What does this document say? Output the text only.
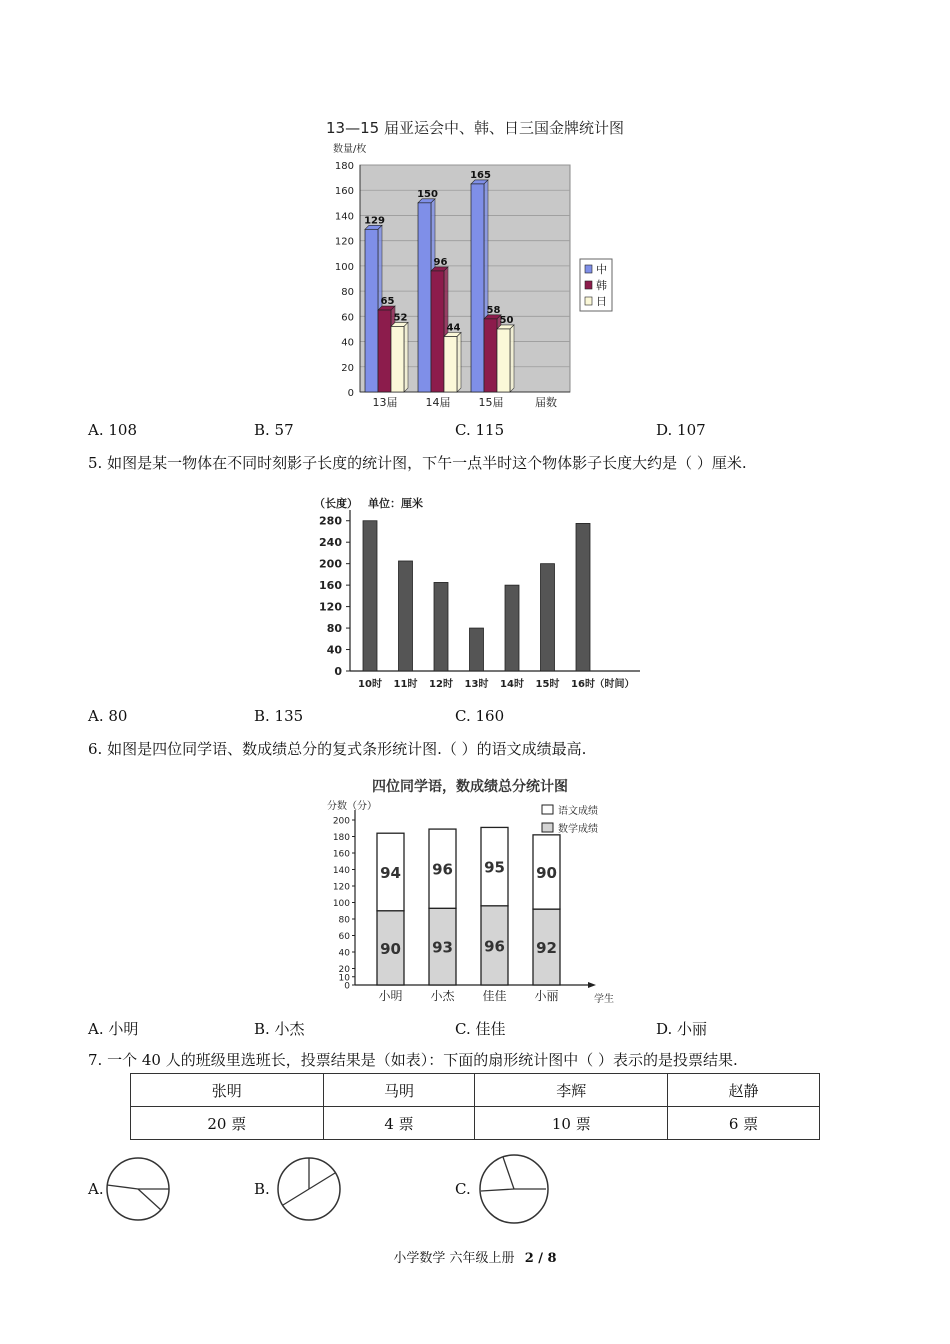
13—15 届亚运会中、韩、日三国金牌统计图
数量/枚
0
20
40
60
80
100
120
140
160
180
129
65
52
13届
150
96
44
14届
165
58
50
15届	届数
中
韩
日
A. 108	B. 57	C. 115	D. 107
5. 如图是某一物体在不同时刻影子长度的统计图，下午一点半时这个物体影子长度大约是（ ）厘米.
（长度） 单位：厘米
0
40
80
120
160
200
240
280
10时 11时 12时 13时 14时 15时 16时 （时间）
A. 80	B. 135	C. 160
6. 如图是四位同学语、数成绩总分的复式条形统计图.（ ）的语文成绩最高.
四位同学语，数成绩总分统计图
分数（分）
0
10
20
40
60
80
100
120
140
160
180
200
90
94
小明
93
96
小杰
96
95
佳佳
92
90
小丽	学生
语文成绩
数学成绩
A. 小明	B. 小杰	C. 佳佳	D. 小丽
7. 一个 40 人的班级里选班长，投票结果是（如表）：下面的扇形统计图中（ ）表示的是投票结果.
张明	马明	李辉	赵静
20 票	4 票	10 票	6 票
A.	B.	C.
小学数学 六年级上册 2 / 8
